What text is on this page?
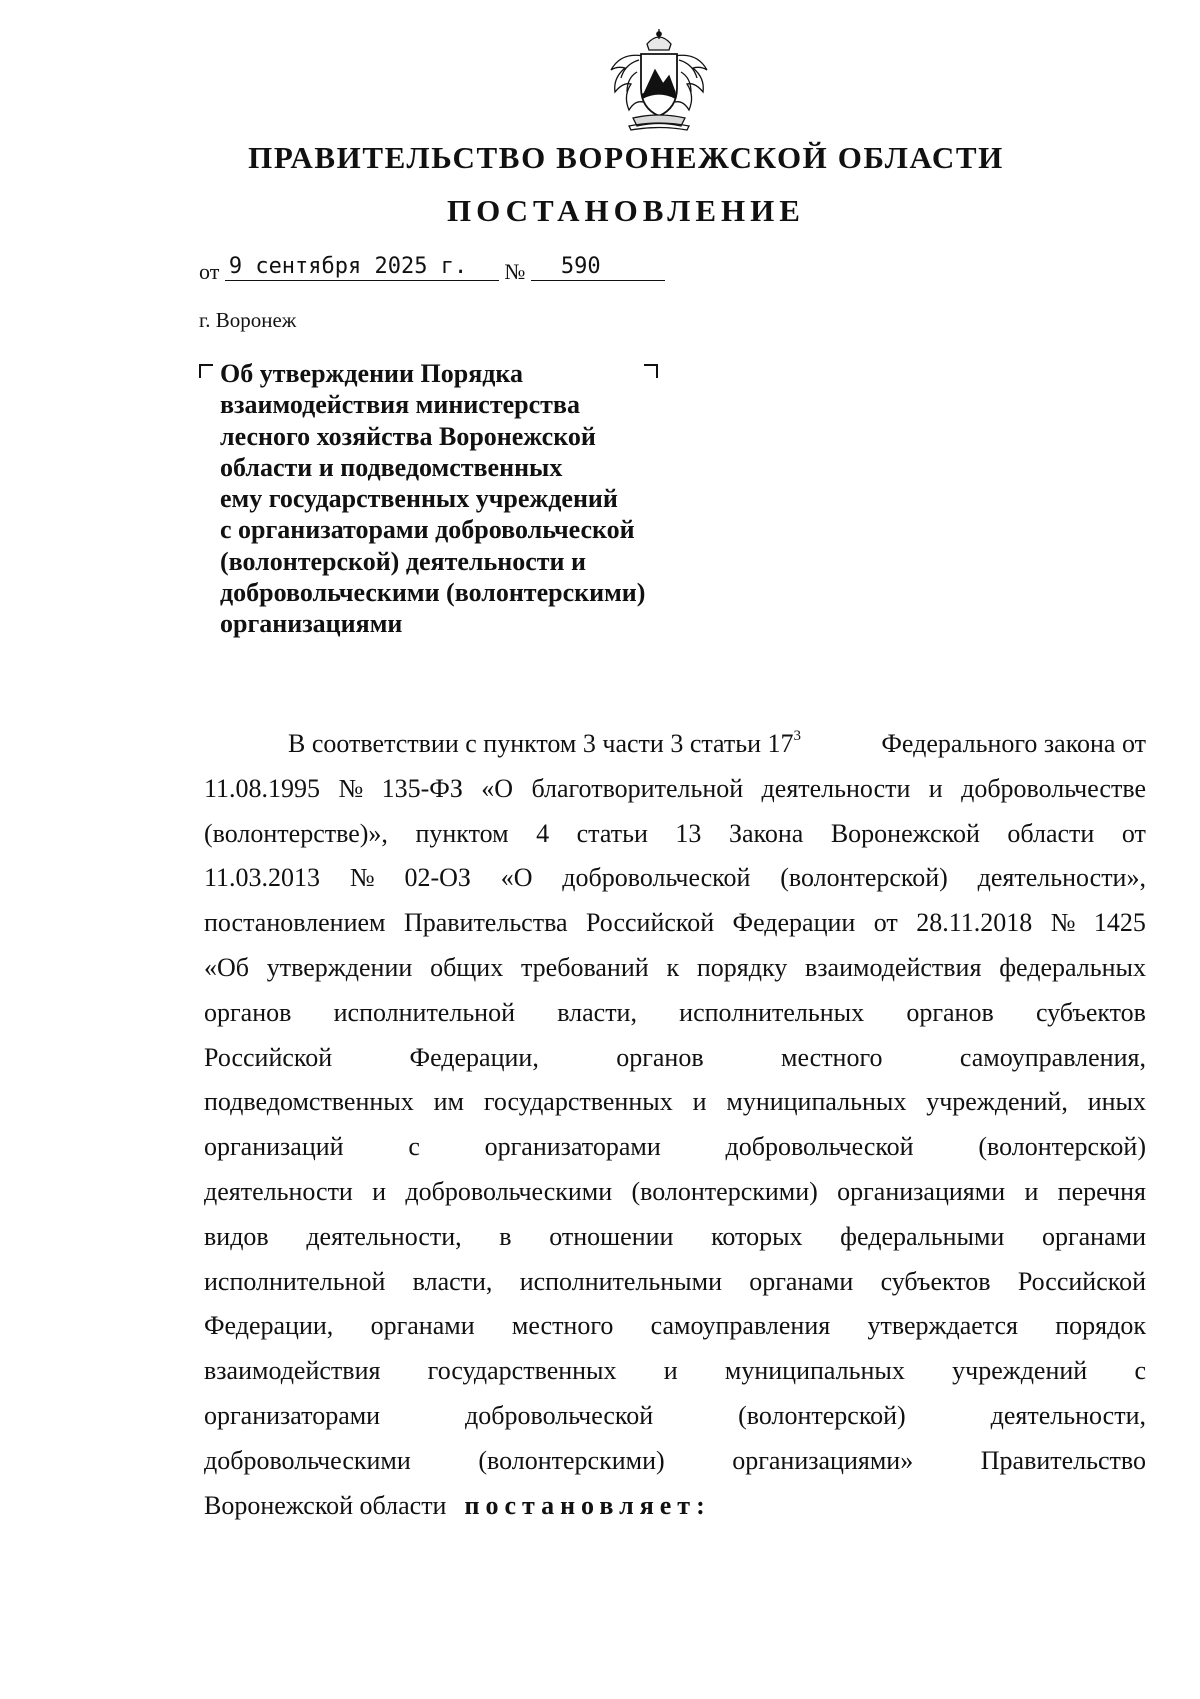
ПРАВИТЕЛЬСТВО ВОРОНЕЖСКОЙ ОБЛАСТИ
ПОСТАНОВЛЕНИЕ
от 9 сентября 2025 г. № 590
г. Воронеж
Об утверждении Порядка
взаимодействия министерства
лесного хозяйства Воронежской
области и подведомственных
ему государственных учреждений
с организаторами добровольческой
(волонтерской) деятельности и
добровольческими (волонтерскими)
организациями
В соответствии с пунктом 3 части 3 статьи $17^3$	Федерального закона от
11.08.1995 № 135-ФЗ «О благотворительной деятельности и добровольчестве
(волонтерстве)», пунктом 4 статьи 13 Закона Воронежской области от
11.03.2013 № 02-ОЗ «О добровольческой (волонтерской) деятельности»,
постановлением Правительства Российской Федерации от 28.11.2018 № 1425
«Об утверждении общих требований к порядку взаимодействия федеральных
органов исполнительной власти, исполнительных органов субъектов
Российской	Федерации,	органов	местного	самоуправления,
подведомственных им государственных и муниципальных учреждений, иных
организаций с организаторами добровольческой (волонтерской)
деятельности и добровольческими (волонтерскими) организациями и перечня
видов деятельности, в отношении которых федеральными органами
исполнительной власти, исполнительными органами субъектов Российской
Федерации, органами местного самоуправления утверждается порядок
взаимодействия государственных и муниципальных учреждений с
организаторами	добровольческой	(волонтерской)	деятельности,
добровольческими	(волонтерскими)	организациями»	Правительство
Воронежской области постановляет:
